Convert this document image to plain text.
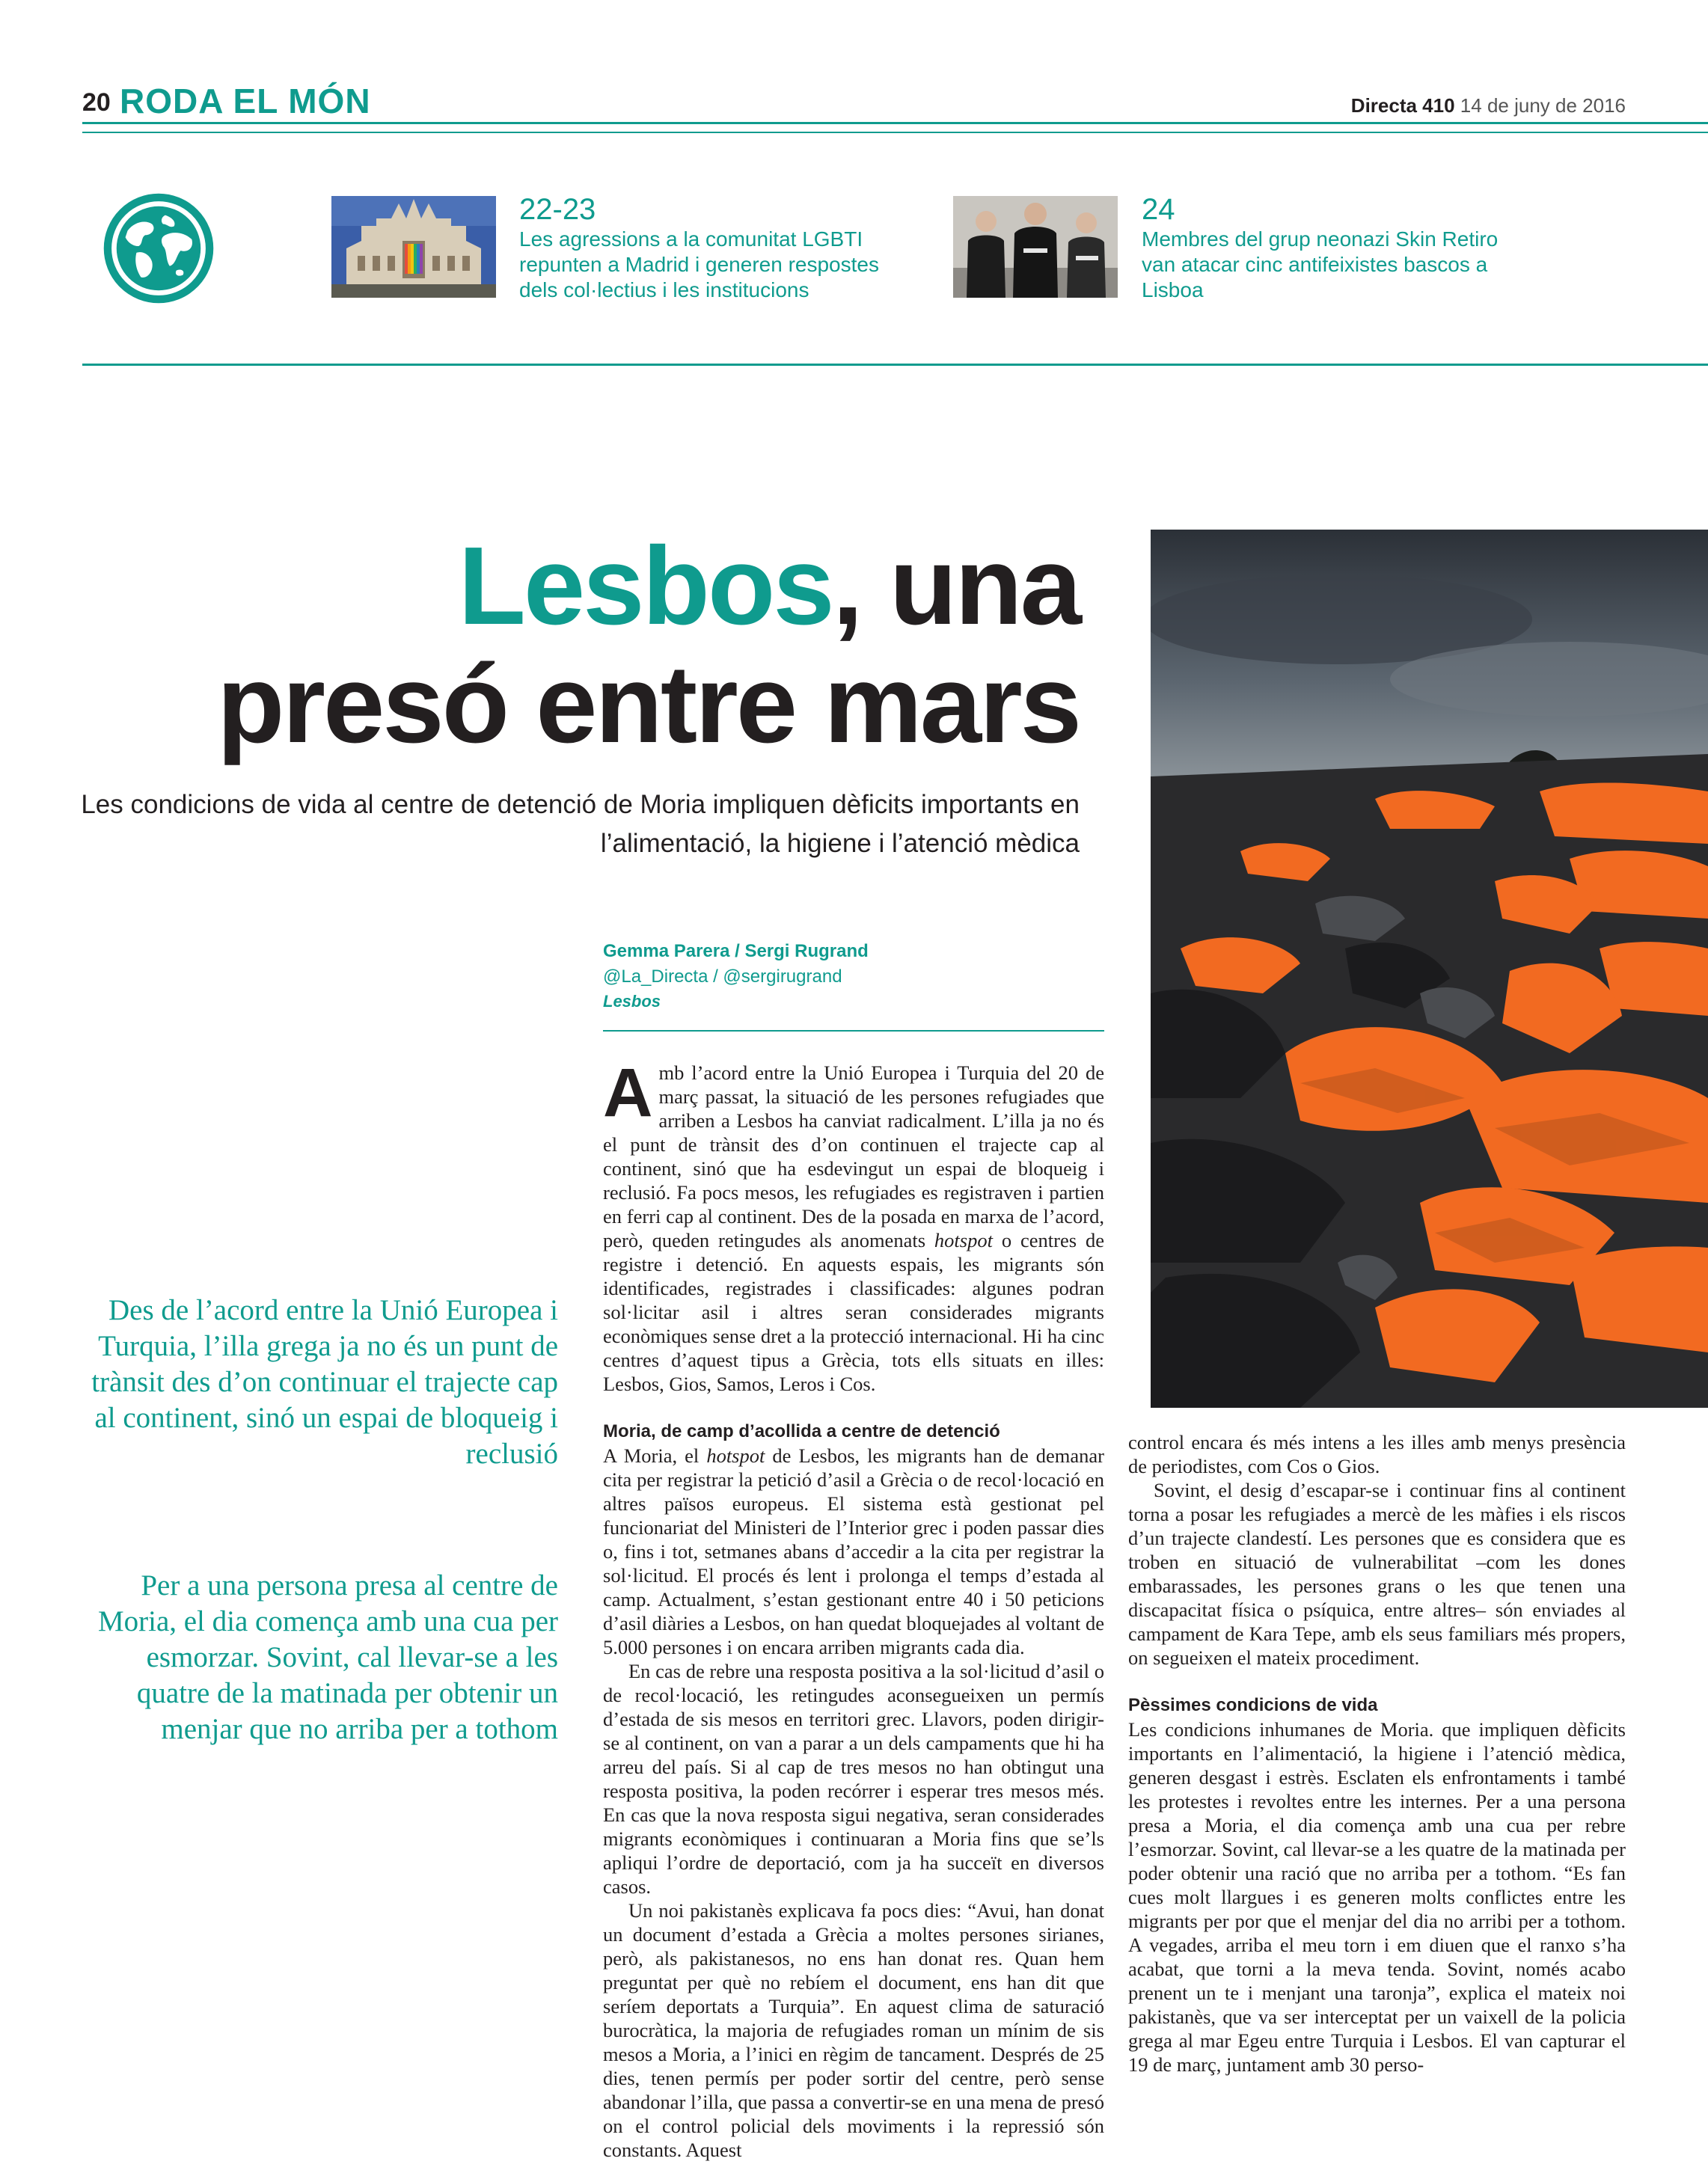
20 RODA EL MÓN	Directa 410 14 de juny de 2016
22-23
Les agressions a la comunitat LGBTI repunten a Madrid i generen respostes dels col·lectius i les institucions
24
Membres del grup neonazi Skin Retiro van atacar cinc antifeixistes bascos a Lisboa
Lesbos, una
presó entre mars
Les condicions de vida al centre de detenció de Moria impliquen dèficits importants en l’alimentació, la higiene i l’atenció mèdica
Gemma Parera / Sergi Rugrand
@La_Directa / @sergirugrand
Lesbos
Des de l’acord entre la Unió Europea i Turquia, l’illa grega ja no és un punt de trànsit des d’on continuar el trajecte cap al continent, sinó un espai de bloqueig i reclusió
Per a una persona presa al centre de Moria, el dia comença amb una cua per esmorzar. Sovint, cal llevar-se a les quatre de la matinada per obtenir un menjar que no arriba per a tothom

Amb l’acord entre la Unió Europea i Turquia del 20 de març passat, la situació de les persones refugiades que arriben a Lesbos ha canviat radicalment. L’illa ja no és el punt de trànsit des d’on continuen el trajecte cap al continent, sinó que ha esdevingut un espai de bloqueig i reclusió. Fa pocs mesos, les refugiades es registraven i partien en ferri cap al continent. Des de la posada en marxa de l’acord, però, queden retingudes als anomenats hotspot o centres de registre i detenció. En aquests espais, les migrants són identificades, registrades i classificades: algunes podran sol·licitar asil i altres seran considerades migrants econòmiques sense dret a la protecció internacional. Hi ha cinc centres d’aquest tipus a Grècia, tots ells situats en illes: Lesbos, Gios, Samos, Leros i Cos.

Moria, de camp d’acollida a centre de detenció

A Moria, el hotspot de Lesbos, les migrants han de demanar cita per registrar la petició d’asil a Grècia o de recol·locació en altres països europeus. El sistema està gestionat pel funcionariat del Ministeri de l’Interior grec i poden passar dies o, fins i tot, setmanes abans d’accedir a la cita per registrar la sol·licitud. El procés és lent i prolonga el temps d’estada al camp. Actualment, s’estan gestionant entre 40 i 50 peticions d’asil diàries a Lesbos, on han quedat bloquejades al voltant de 5.000 persones i on encara arriben migrants cada dia.

En cas de rebre una resposta positiva a la sol·licitud d’asil o de recol·locació, les retingudes aconsegueixen un permís d’estada de sis mesos en territori grec. Llavors, poden dirigir-se al continent, on van a parar a un dels campaments que hi ha arreu del país. Si al cap de tres mesos no han obtingut una resposta positiva, la poden recórrer i esperar tres mesos més. En cas que la nova resposta sigui negativa, seran considerades migrants econòmiques i continuaran a Moria fins que se’ls apliqui l’ordre de deportació, com ja ha succeït en diversos casos.

Un noi pakistanès explicava fa pocs dies: “Avui, han donat un document d’estada a Grècia a moltes persones sirianes, però, als pakistanesos, no ens han donat res. Quan hem preguntat per què no rebíem el document, ens han dit que seríem deportats a Turquia”. En aquest clima de saturació burocràtica, la majoria de refugiades roman un mínim de sis mesos a Moria, a l’inici en règim de tancament. Després de 25 dies, tenen permís per poder sortir del centre, però sense abandonar l’illa, que passa a convertir-se en una mena de presó on el control policial dels moviments i la repressió són constants. Aquest

control encara és més intens a les illes amb menys presència de periodistes, com Cos o Gios.

Sovint, el desig d’escapar-se i continuar fins al continent torna a posar les refugiades a mercè de les màfies i els riscos d’un trajecte clandestí. Les persones que es considera que es troben en situació de vulnerabilitat –com les dones embarassades, les persones grans o les que tenen una discapacitat física o psíquica, entre altres– són enviades al campament de Kara Tepe, amb els seus familiars més propers, on segueixen el mateix procediment.

Pèssimes condicions de vida

Les condicions inhumanes de Moria. que impliquen dèficits importants en l’alimentació, la higiene i l’atenció mèdica, generen desgast i estrès. Esclaten els enfrontaments i també les protestes i revoltes entre les internes. Per a una persona presa a Moria, el dia comença amb una cua per rebre l’esmorzar. Sovint, cal llevar-se a les quatre de la matinada per poder obtenir una ració que no arriba per a tothom. “Es fan cues molt llargues i es generen molts conflictes entre les migrants per por que el menjar del dia no arribi per a tothom. A vegades, arriba el meu torn i em diuen que el ranxo s’ha acabat, que torni a la meva tenda. Sovint, només acabo prenent un te i menjant una taronja”, explica el mateix noi pakistanès, que va ser interceptat per un vaixell de la policia grega al mar Egeu entre Turquia i Lesbos. El van capturar el 19 de març, juntament amb 30 perso-
